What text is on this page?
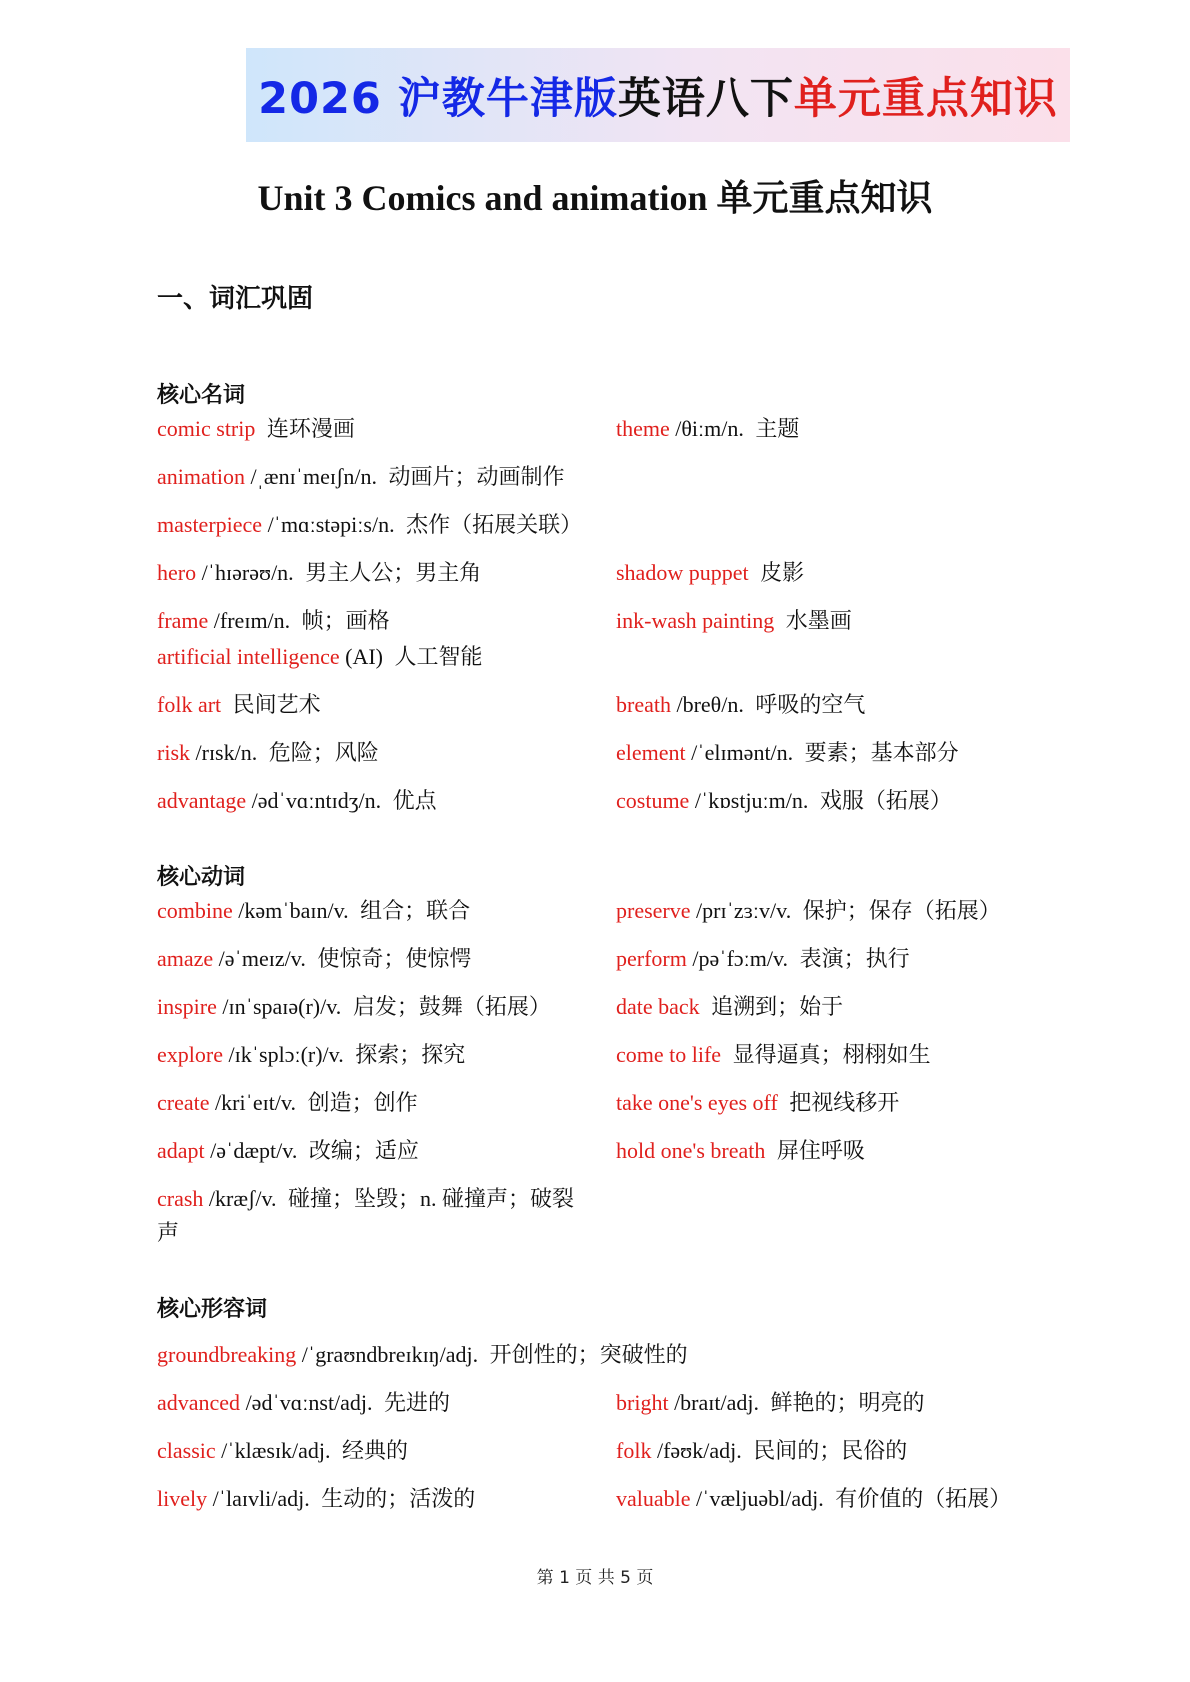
2026 沪教牛津版 英语八下 单元重点知识
Unit 3 Comics and animation 单元重点知识
一、词汇巩固
核心名词
comic strip 连环漫画	theme /θiːm/n. 主题
animation /ˌænɪˈmeɪʃn/n. 动画片；动画制作
masterpiece /ˈmɑːstəpiːs/n. 杰作（拓展关联）
hero /ˈhɪərəʊ/n. 男主人公；男主角	shadow puppet 皮影
frame /freɪm/n. 帧；画格	ink-wash painting 水墨画
artificial intelligence (AI) 人工智能
folk art 民间艺术	breath /breθ/n. 呼吸的空气
risk /rɪsk/n. 危险；风险	element /ˈelɪmənt/n. 要素；基本部分
advantage /ədˈvɑːntɪdʒ/n. 优点	costume /ˈkɒstjuːm/n. 戏服（拓展）
核心动词
combine /kəmˈbaɪn/v. 组合；联合	preserve /prɪˈzɜːv/v. 保护；保存（拓展）
amaze /əˈmeɪz/v. 使惊奇；使惊愕	perform /pəˈfɔːm/v. 表演；执行
inspire /ɪnˈspaɪə(r)/v. 启发；鼓舞（拓展）	date back 追溯到；始于
explore /ɪkˈsplɔː(r)/v. 探索；探究	come to life 显得逼真；栩栩如生
create /kriˈeɪt/v. 创造；创作	take one's eyes off 把视线移开
adapt /əˈdæpt/v. 改编；适应	hold one's breath 屏住呼吸
crash /kræʃ/v. 碰撞；坠毁；n. 碰撞声；破裂声
核心形容词
groundbreaking /ˈgraʊndbreɪkɪŋ/adj. 开创性的；突破性的
advanced /ədˈvɑːnst/adj. 先进的	bright /braɪt/adj. 鲜艳的；明亮的
classic /ˈklæsɪk/adj. 经典的	folk /fəʊk/adj. 民间的；民俗的
lively /ˈlaɪvli/adj. 生动的；活泼的	valuable /ˈvæljuəbl/adj. 有价值的（拓展）
第 1 页 共 5 页
